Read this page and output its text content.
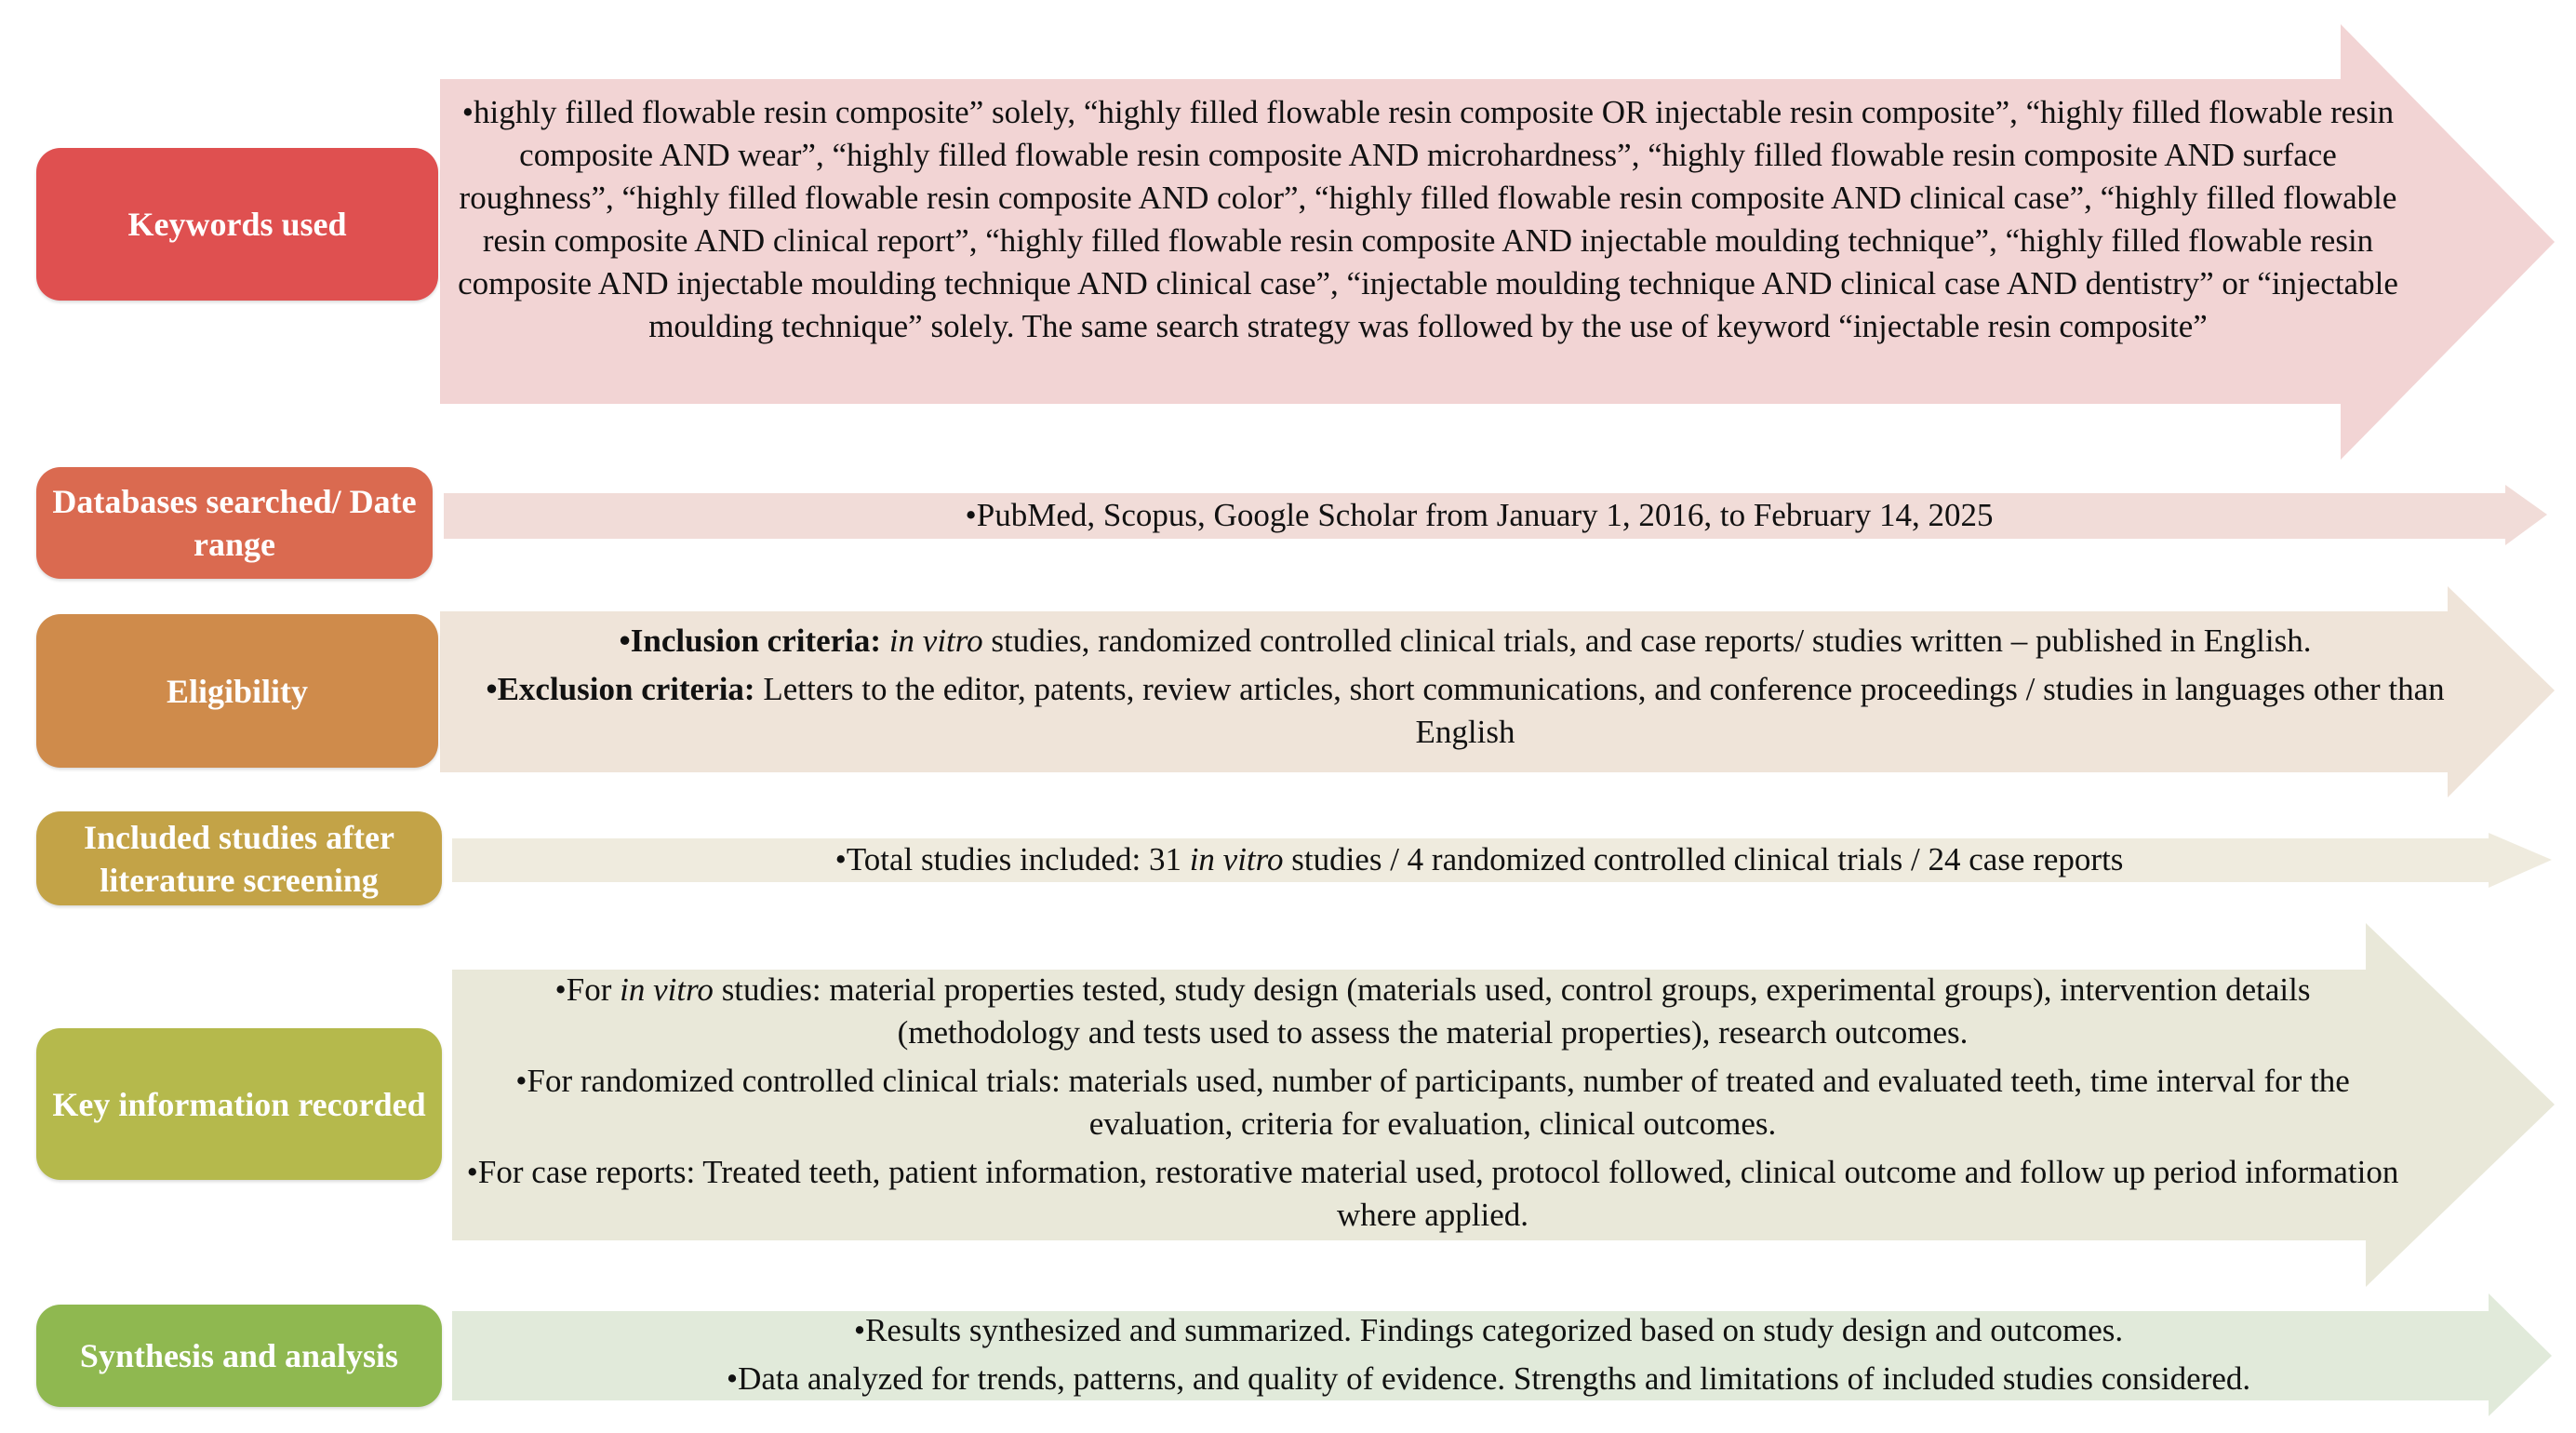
Keywords used
•highly filled flowable resin composite” solely, “highly filled flowable resin composite OR injectable resin composite”, “highly filled flowable resin composite AND wear”, “highly filled flowable resin composite AND microhardness”, “highly filled flowable resin composite AND surface roughness”, “highly filled flowable resin composite AND color”, “highly filled flowable resin composite AND clinical case”, “highly filled flowable resin composite AND clinical report”, “highly filled flowable resin composite AND injectable moulding technique”, “highly filled flowable resin composite AND injectable moulding technique AND clinical case”, “injectable moulding technique AND clinical case AND dentistry” or “injectable moulding technique” solely. The same search strategy was followed by the use of keyword “injectable resin composite”
Databases searched/ Date range
•PubMed, Scopus, Google Scholar from January 1, 2016, to February 14, 2025
Eligibility

•Inclusion criteria: in vitro studies, randomized controlled clinical trials, and case reports/ studies written – published in English.

•Exclusion criteria: Letters to the editor, patents, review articles, short communications, and conference proceedings / studies in languages other than English

Included studies after literature screening
•Total studies included: 31 in vitro studies / 4 randomized controlled clinical trials / 24 case reports
Key information recorded

•For in vitro studies: material properties tested, study design (materials used, control groups, experimental groups), intervention details (methodology and tests used to assess the material properties), research outcomes.

•For randomized controlled clinical trials: materials used, number of participants, number of treated and evaluated teeth, time interval for the evaluation, criteria for evaluation, clinical outcomes.

•For case reports: Treated teeth, patient information, restorative material used, protocol followed, clinical outcome and follow up period information where applied.

Synthesis and analysis

•Results synthesized and summarized. Findings categorized based on study design and outcomes.

•Data analyzed for trends, patterns, and quality of evidence. Strengths and limitations of included studies considered.
